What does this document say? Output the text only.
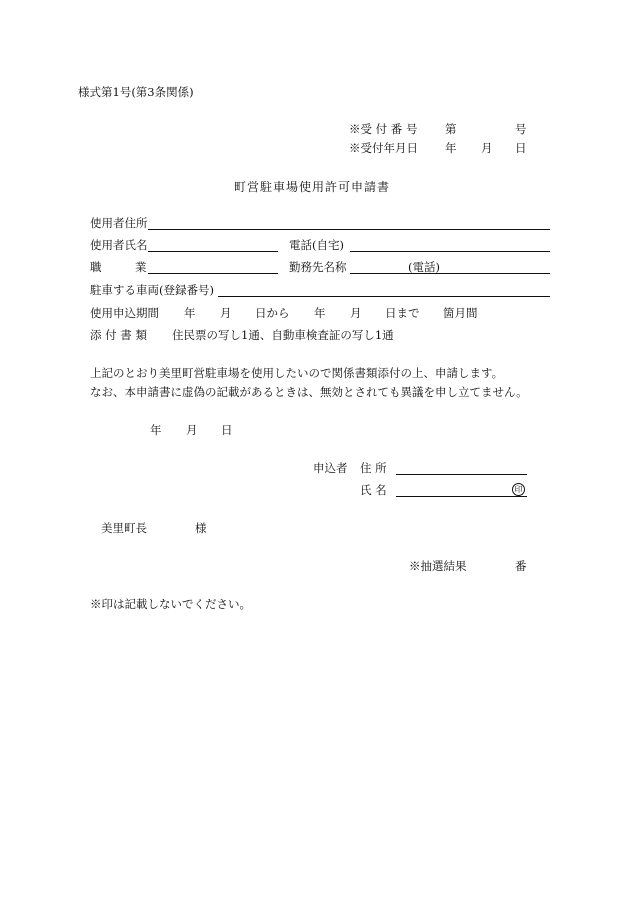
様式第1号(第3条関係)
※受 付 番 号 第	号
※受付年月日 年 月 日
町営駐車場使用許可申請書
使用者住所
使用者氏名	電話(自宅)
職	業	勤務先名称	(電話)
駐車する車両(登録番号)
使用申込期間 年 月 日から 年 月 日まで 箇月間
添 付 書 類 住民票の写し1通、自動車検査証の写し1通
上記のとおり美里町営駐車場を使用したいので関係書類添付の上、申請します。
なお、本申請書に虚偽の記載があるときは、無効とされても異議を申し立てません。
年 月 日
申込者 住 所
氏 名	印
美里町長	様
※抽選結果	番
※印は記載しないでください。
